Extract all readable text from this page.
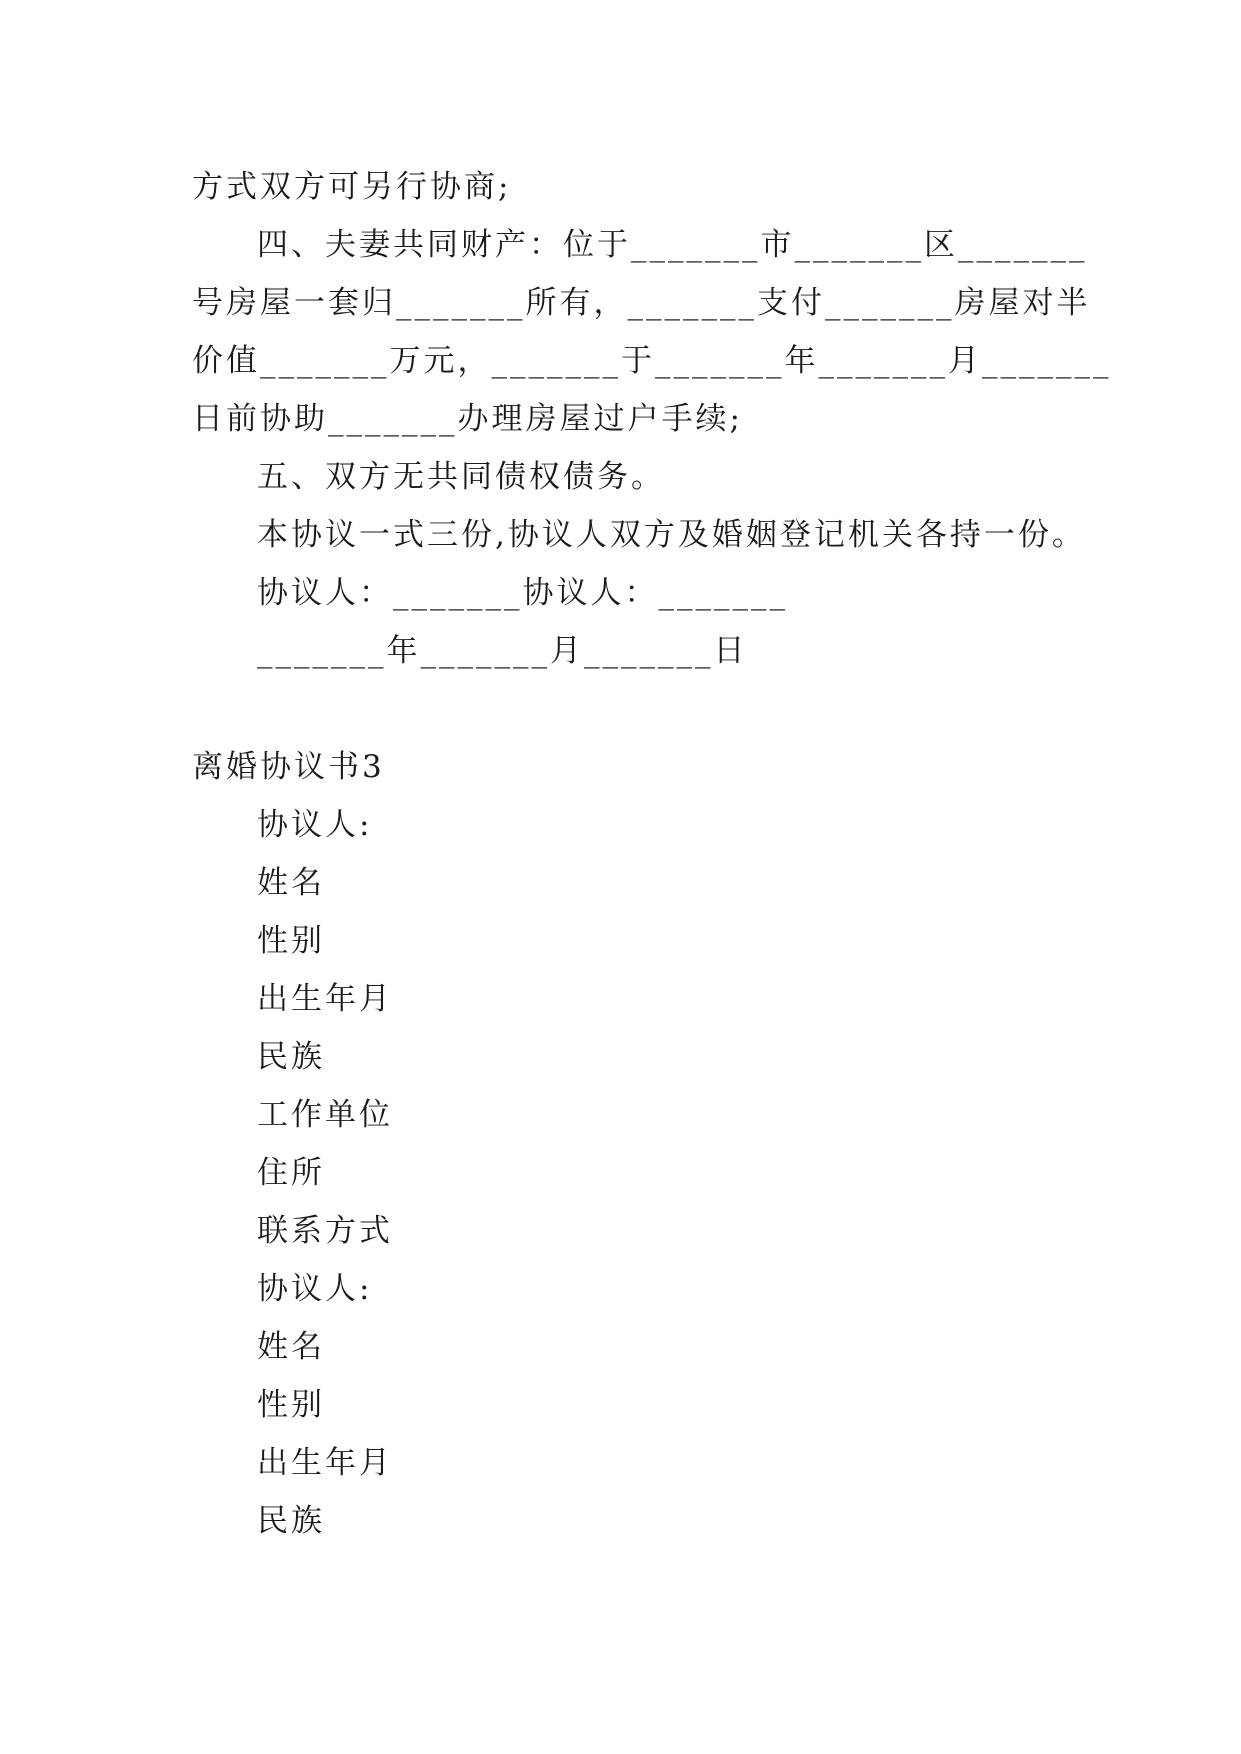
方式双方可另行协商;
四、夫妻共同财产：位于_______市_______区_______
号房屋一套归_______所有，_______支付_______房屋对半
价值_______万元，_______于_______年_______月_______
日前协助_______办理房屋过户手续;
五、双方无共同债权债务。
本协议一式三份,协议人双方及婚姻登记机关各持一份。
协议人：_______协议人：_______
_______年_______月_______日
离婚协议书3
协议人:
姓名
性别
出生年月
民族
工作单位
住所
联系方式
协议人:
姓名
性别
出生年月
民族
